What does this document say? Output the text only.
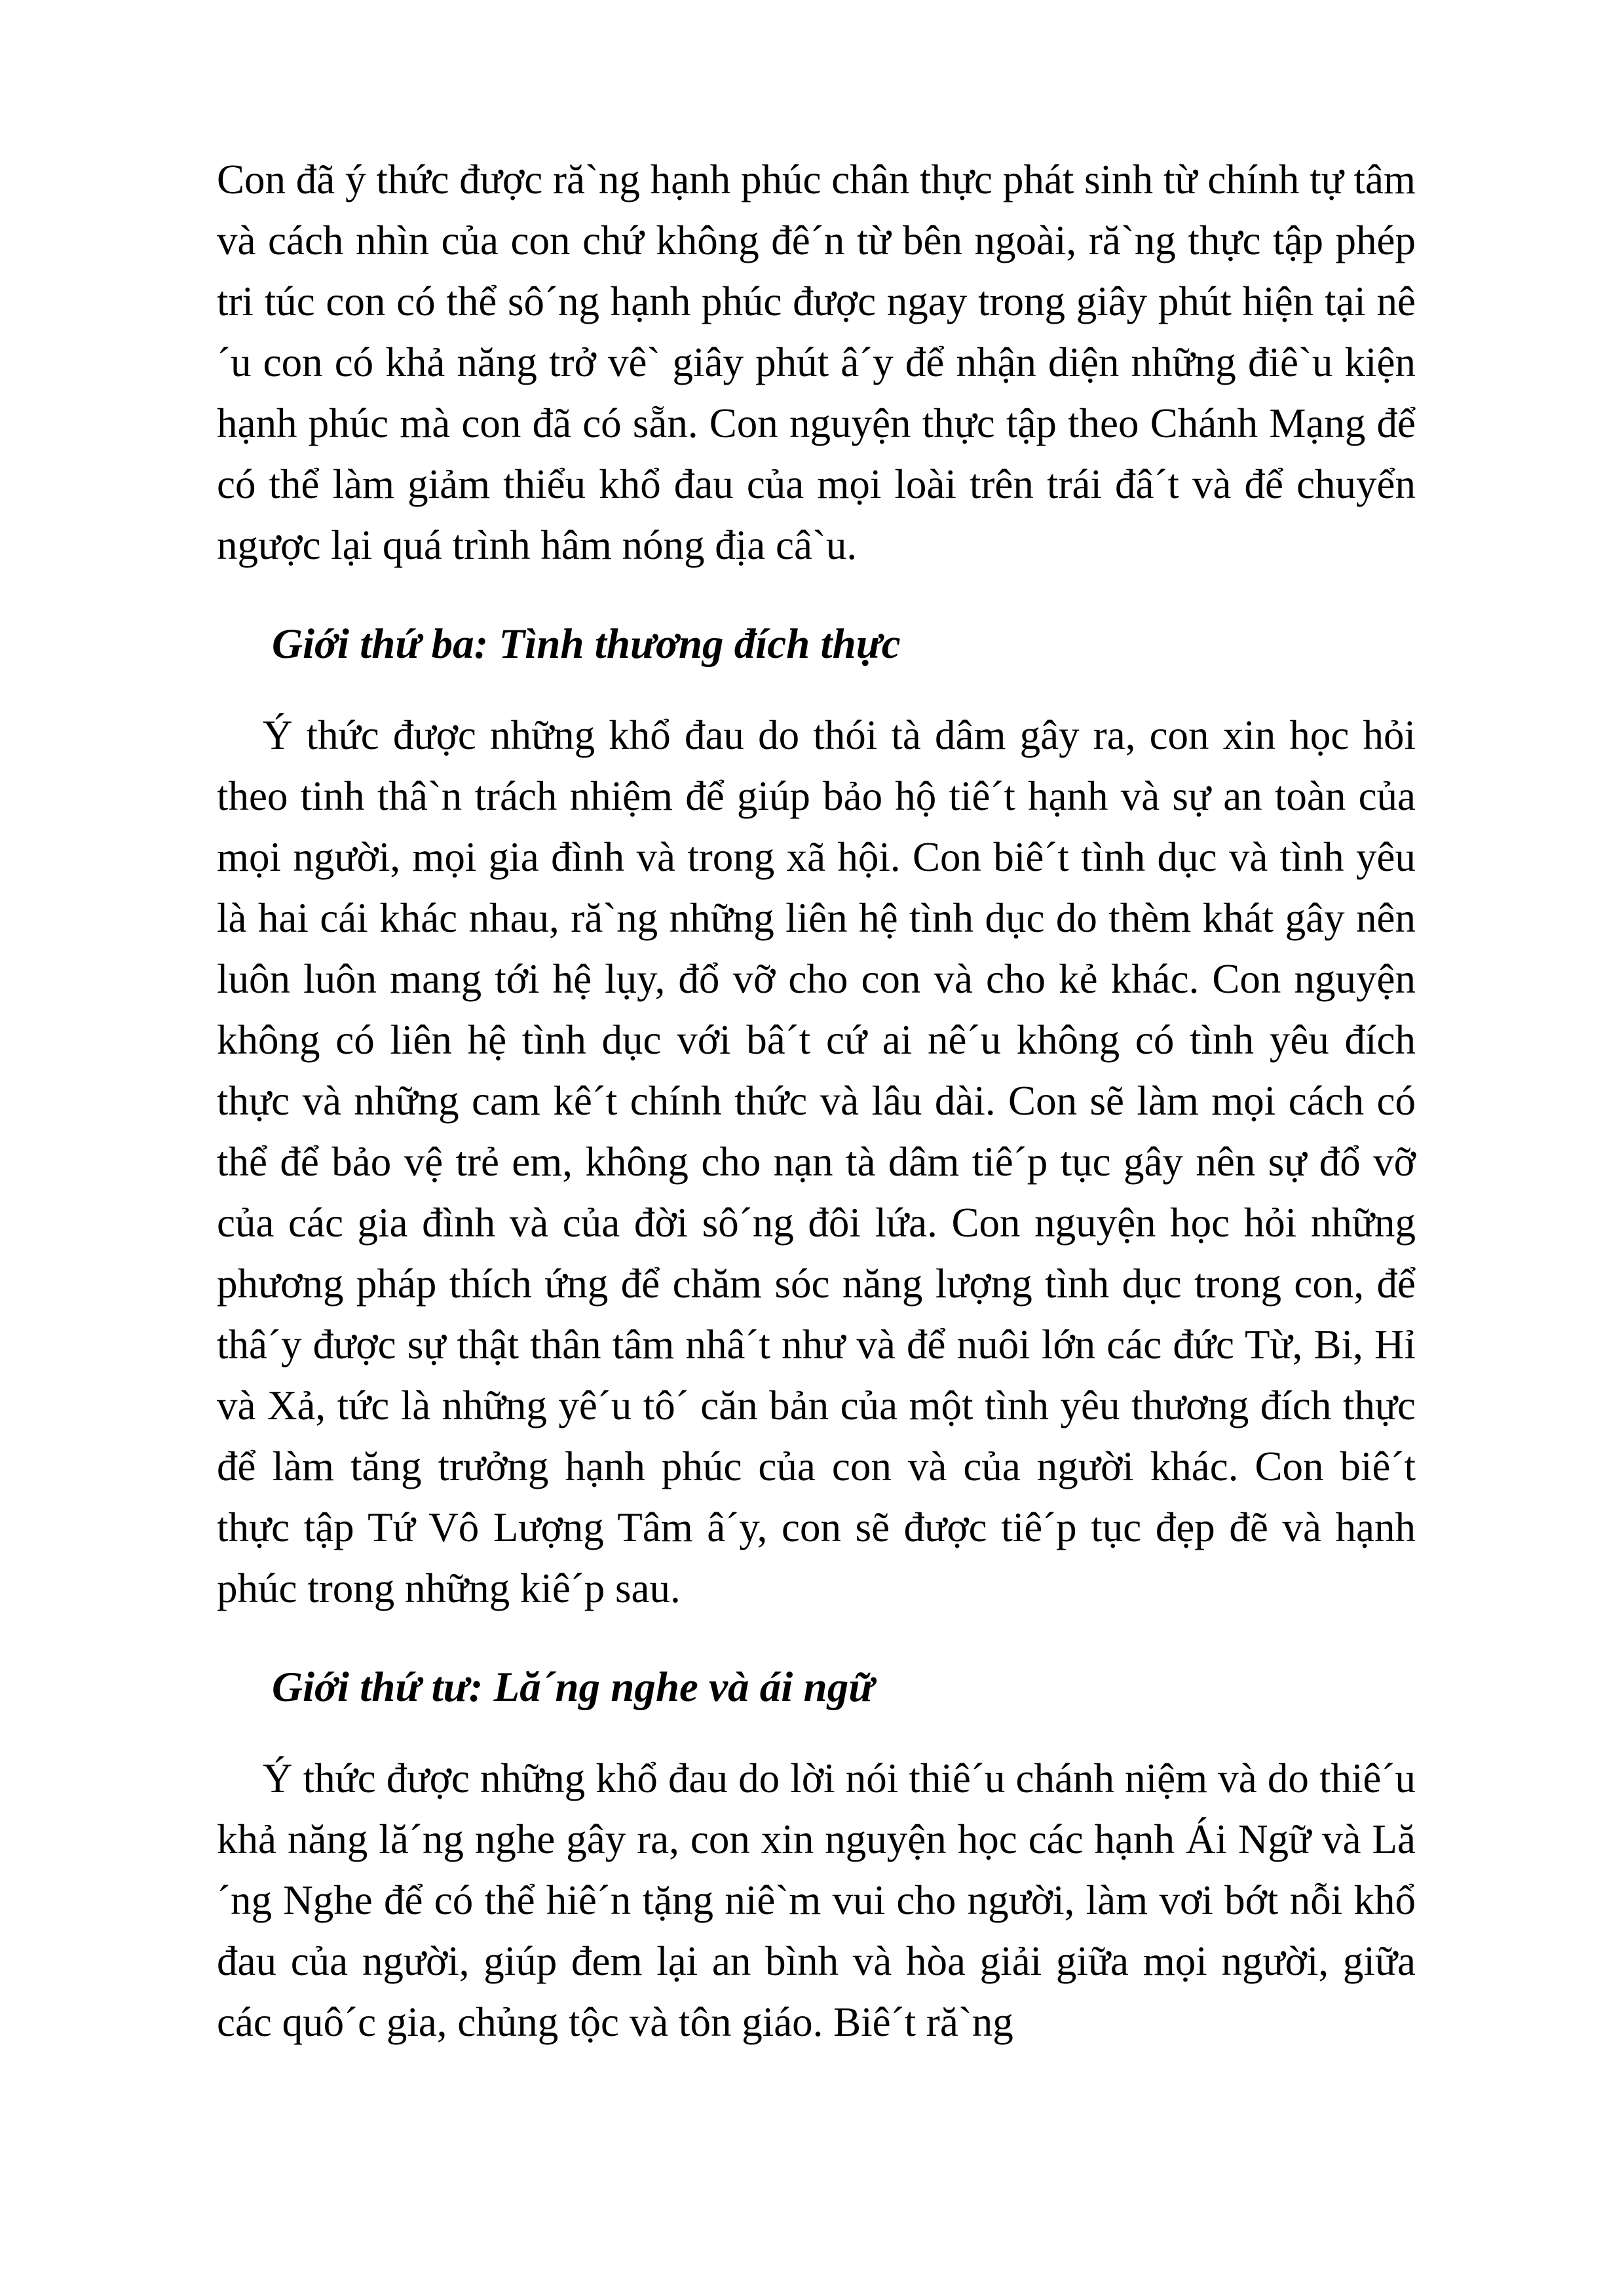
Con đã ý thức được ră`ng hạnh phúc chân thực phát sinh từ chính tự tâm và cách nhìn của con chứ không đê´n từ bên ngoài, ră`ng thực tập phép tri túc con có thể sô´ng hạnh phúc được ngay trong giây phút hiện tại nê´u con có khả năng trở vê` giây phút â´y để nhận diện những điê`u kiện hạnh phúc mà con đã có sẵn. Con nguyện thực tập theo Chánh Mạng để có thể làm giảm thiểu khổ đau của mọi loài trên trái đâ´t và để chuyển ngược lại quá trình hâm nóng địa câ`u.
Giới thứ ba: Tình thương đích thực
Ý thức được những khổ đau do thói tà dâm gây ra, con xin học hỏi theo tinh thâ`n trách nhiệm để giúp bảo hộ tiê´t hạnh và sự an toàn của mọi người, mọi gia đình và trong xã hội. Con biê´t tình dục và tình yêu là hai cái khác nhau, ră`ng những liên hệ tình dục do thèm khát gây nên luôn luôn mang tới hệ lụy, đổ vỡ cho con và cho kẻ khác. Con nguyện không có liên hệ tình dục với bâ´t cứ ai nê´u không có tình yêu đích thực và những cam kê´t chính thức và lâu dài. Con sẽ làm mọi cách có thể để bảo vệ trẻ em, không cho nạn tà dâm tiê´p tục gây nên sự đổ vỡ của các gia đình và của đời sô´ng đôi lứa. Con nguyện học hỏi những phương pháp thích ứng để chăm sóc năng lượng tình dục trong con, để thâ´y được sự thật thân tâm nhâ´t như và để nuôi lớn các đức Từ, Bi, Hỉ và Xả, tức là những yê´u tô´ căn bản của một tình yêu thương đích thực để làm tăng trưởng hạnh phúc của con và của người khác. Con biê´t thực tập Tứ Vô Lượng Tâm â´y, con sẽ được tiê´p tục đẹp đẽ và hạnh phúc trong những kiê´p sau.
Giới thứ tư: Lă´ng nghe và ái ngữ
Ý thức được những khổ đau do lời nói thiê´u chánh niệm và do thiê´u khả năng lă´ng nghe gây ra, con xin nguyện học các hạnh Ái Ngữ và Lă´ng Nghe để có thể hiê´n tặng niê`m vui cho người, làm vơi bớt nỗi khổ đau của người, giúp đem lại an bình và hòa giải giữa mọi người, giữa các quô´c gia, chủng tộc và tôn giáo. Biê´t ră`ng
